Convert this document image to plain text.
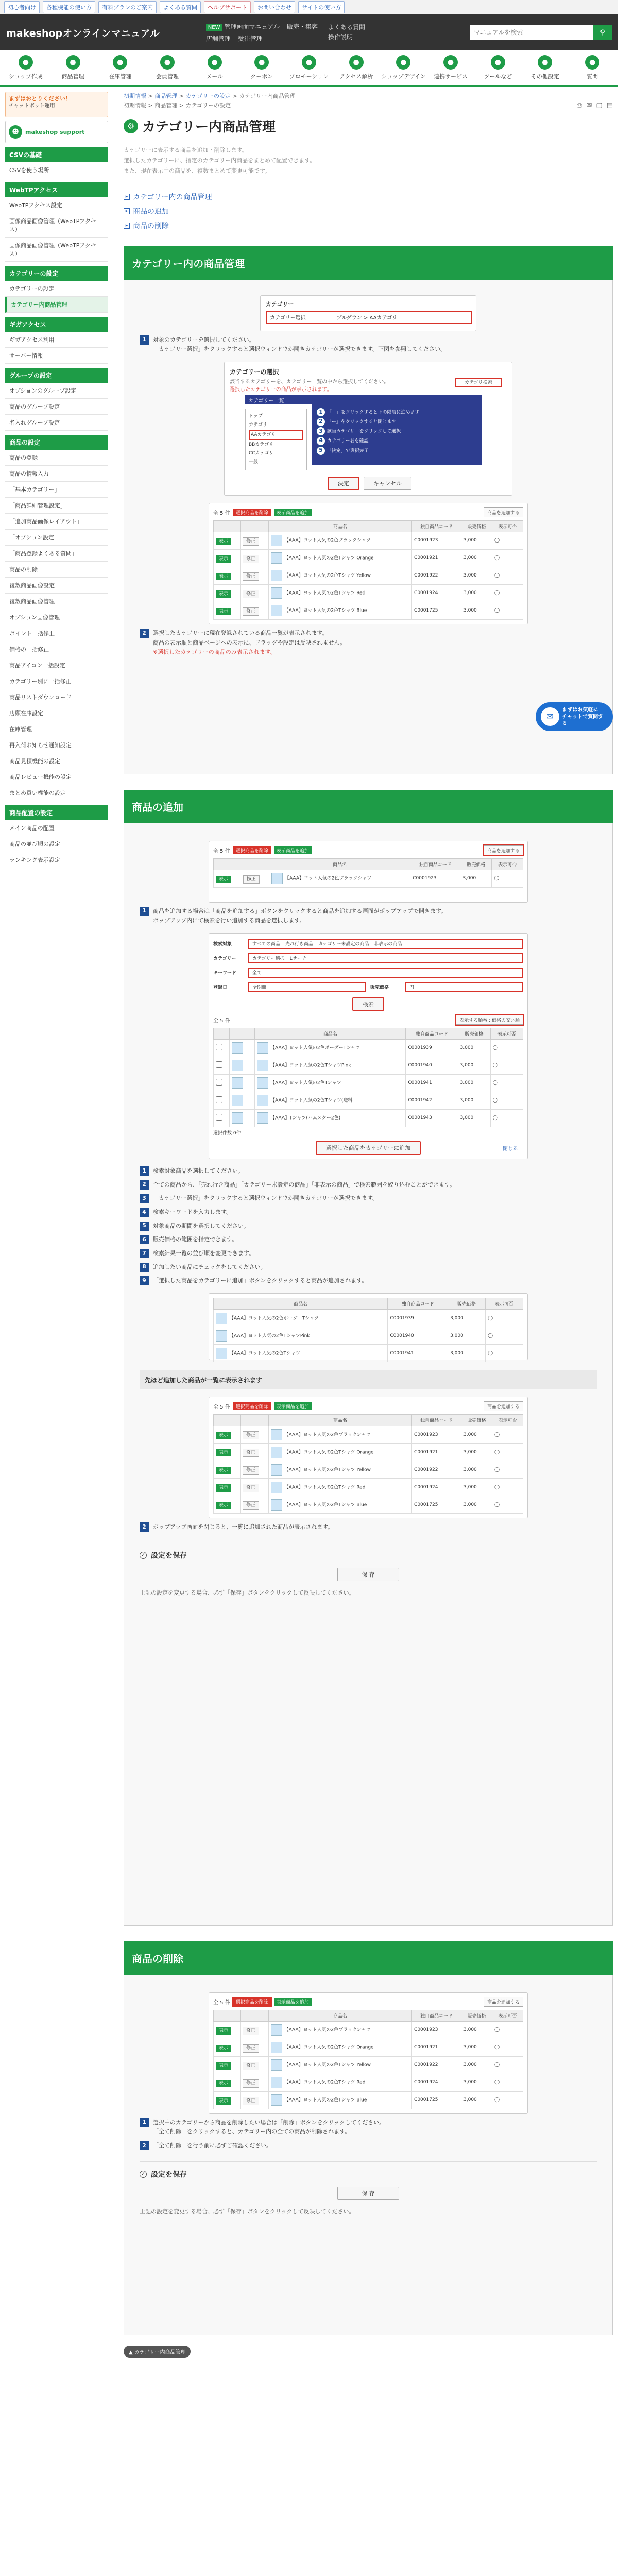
初心者向け	各種機能の使い方	有料プランのご案内	よくある質問	ヘルプサポート	お問い合わせ	サイトの使い方
makeshopオンラインマニュアル	NEW 管理画面マニュアル 販売・集客
店舗管理 受注管理
よくある質問
操作説明
マニュアルを検索
⚲
●
ショップ作成
●
商品管理
●
在庫管理
●
会員管理
●
メール
●
クーポン
●
プロモーション
●
アクセス解析
●
ショップデザイン
●
連携サービス
●
ツールなど
●
その他設定
●
質問
まずはおとりください！
チャットボット運用
☻	makeshop support
CSVの基礎
CSVを使う場所
WebTPアクセス
WebTPアクセス設定
画像商品画像管理（WebTPアクセス）
画像商品画像管理（WebTPアクセス）
カテゴリーの設定
カテゴリーの設定
カテゴリー内商品管理
ギガアクセス
ギガアクセス利用
サーバー情報
グループの設定
オプションのグループ設定
商品のグループ設定
名入れグループ設定
商品の設定
商品の登録
商品の情報入力
「基本カテゴリー」
「商品詳細管理設定」
「追加商品画像レイアウト」
「オプション設定」
「商品登録よくある質問」
商品の削除
複数商品画像設定
複数商品画像管理
オプション画像管理
ポイント一括修正
価格の一括修正
商品アイコン一括設定
カテゴリー別に一括修正
商品リストダウンロード
店頭在庫設定
在庫管理
再入荷お知らせ通知設定
商品見積機能の設定
商品レビュー機能の設定
まとめ買い機能の設定
商品配置の設定
メイン商品の配置
商品の並び順の設定
ランキング表示設定
初期情報 > 商品管理 > カテゴリーの設定 > カテゴリー内商品管理
初期情報 > 商品管理 > カテゴリーの設定	⎙ ✉ ▢ ▤
⚙ カテゴリー内商品管理
カテゴリーに表示する商品を追加・削除します。
選択したカテゴリーに、指定のカテゴリー内商品をまとめて配置できます。
また、現在表示中の商品を、複数まとめて変更可能です。
▸ カテゴリー内の商品管理
▸ 商品の追加
▸ 商品の削除
カテゴリー内の商品管理
カテゴリー
カテゴリー選択	プルダウン > AAカテゴリ
1	対象のカテゴリーを選択してください。
「カテゴリー選択」をクリックすると選択ウィンドウが開きカテゴリーが選択できます。下図を参照してください。
カテゴリーの選択
該当するカテゴリーを、カテゴリー一覧の中から選択してください。
選択したカテゴリーの商品が表示されます。
カテゴリ検索
カテゴリー一覧
トップ
カテゴリ
AAカテゴリ
BBカテゴリ
CCカテゴリ
一般
1 「＋」をクリックすると下の階層に進めます
2 「ー」をクリックすると閉じます
3 該当カテゴリーをクリックして選択
4 カテゴリー名を確認
5 「決定」で選択完了
決定	キャンセル
全 5 件	選択商品を削除	表示商品を追加	商品を追加する
		商品名	独自商品コード	販売価格	表示可否
表示	修正	【AAA】ヨット人気の2色ブラックシャツ	C0001923	3,000	◯
表示	修正	【AAA】ヨット人気の2色Tシャツ Orange	C0001921	3,000	◯
表示	修正	【AAA】ヨット人気の2色Tシャツ Yellow	C0001922	3,000	◯
表示	修正	【AAA】ヨット人気の2色Tシャツ Red	C0001924	3,000	◯
表示	修正	【AAA】ヨット人気の2色Tシャツ Blue	C0001725	3,000	◯
2	選択したカテゴリーに現在登録されている商品一覧が表示されます。
商品の表示順と商品ページへの表示に、ドラッグや設定は反映されません。
※選択したカテゴリーの商品のみ表示されます。
商品の追加
全 5 件	選択商品を削除	表示商品を追加	商品を追加する
		商品名	独自商品コード	販売価格	表示可否
表示	修正	【AAA】ヨット人気の2色ブラックシャツ	C0001923	3,000	◯
1	商品を追加する場合は「商品を追加する」ボタンをクリックすると商品を追加する画面がポップアップで開きます。
ポップアップ内にて検索を行い追加する商品を選択します。
検索対象	すべての商品 売れ行き商品 カテゴリー未設定の商品 非表示の商品
カテゴリー	カテゴリー選択 Lサーチ
キーワード	全て
登録日	全期間	販売価格	円
検索
全 5 件	表示する順番 : 価格の安い順
		商品名	独自商品コード	販売価格	表示可否
		【AAA】ヨット人気の2色ボーダーTシャツ	C0001939	3,000	◯
		【AAA】ヨット人気の2色TシャツPink	C0001940	3,000	◯
		【AAA】ヨット人気の2色Tシャツ	C0001941	3,000	◯
		【AAA】ヨット人気の2色Tシャツ(送料	C0001942	3,000	◯
		【AAA】Tシャツ(ハムスター2色)	C0001943	3,000	◯
選択件数 0件
選択した商品をカテゴリーに追加	閉じる
1	検索対象商品を選択してください。
2	全ての商品から、「売れ行き商品」「カテゴリー未設定の商品」「非表示の商品」で検索範囲を絞り込むことができます。
3	「カテゴリー選択」をクリックすると選択ウィンドウが開きカテゴリーが選択できます。
4	検索キーワードを入力します。
5	対象商品の期間を選択してください。
6	販売価格の範囲を指定できます。
7	検索結果一覧の並び順を変更できます。
8	追加したい商品にチェックをしてください。
9	「選択した商品をカテゴリーに追加」ボタンをクリックすると商品が追加されます。
商品名	独自商品コード	販売価格	表示可否
【AAA】ヨット人気の2色ボーダーTシャツ	C0001939	3,000	◯
【AAA】ヨット人気の2色TシャツPink	C0001940	3,000	◯
【AAA】ヨット人気の2色Tシャツ	C0001941	3,000	◯
先ほど追加した商品が一覧に表示されます
全 5 件	選択商品を削除	表示商品を追加	商品を追加する
		商品名	独自商品コード	販売価格	表示可否
表示	修正	【AAA】ヨット人気の2色ブラックシャツ	C0001923	3,000	◯
表示	修正	【AAA】ヨット人気の2色Tシャツ Orange	C0001921	3,000	◯
表示	修正	【AAA】ヨット人気の2色Tシャツ Yellow	C0001922	3,000	◯
表示	修正	【AAA】ヨット人気の2色Tシャツ Red	C0001924	3,000	◯
表示	修正	【AAA】ヨット人気の2色Tシャツ Blue	C0001725	3,000	◯
2	ポップアップ画面を閉じると、一覧に追加された商品が表示されます。
✓ 設定を保存
保 存
上記の設定を変更する場合、必ず「保存」ボタンをクリックして反映してください。
商品の削除
全 5 件	選択商品を削除	表示商品を追加	商品を追加する
		商品名	独自商品コード	販売価格	表示可否
表示	修正	【AAA】ヨット人気の2色ブラックシャツ	C0001923	3,000	◯
表示	修正	【AAA】ヨット人気の2色Tシャツ Orange	C0001921	3,000	◯
表示	修正	【AAA】ヨット人気の2色Tシャツ Yellow	C0001922	3,000	◯
表示	修正	【AAA】ヨット人気の2色Tシャツ Red	C0001924	3,000	◯
表示	修正	【AAA】ヨット人気の2色Tシャツ Blue	C0001725	3,000	◯
1	選択中のカテゴリーから商品を削除したい場合は「削除」ボタンをクリックしてください。
「全て削除」をクリックすると、カテゴリー内の全ての商品が削除されます。
2	「全て削除」を行う前に必ずご確認ください。
✓ 設定を保存
保 存
上記の設定を変更する場合、必ず「保存」ボタンをクリックして反映してください。
▲ カテゴリー内商品管理
✉
まずはお気軽に
チャットで質問する
